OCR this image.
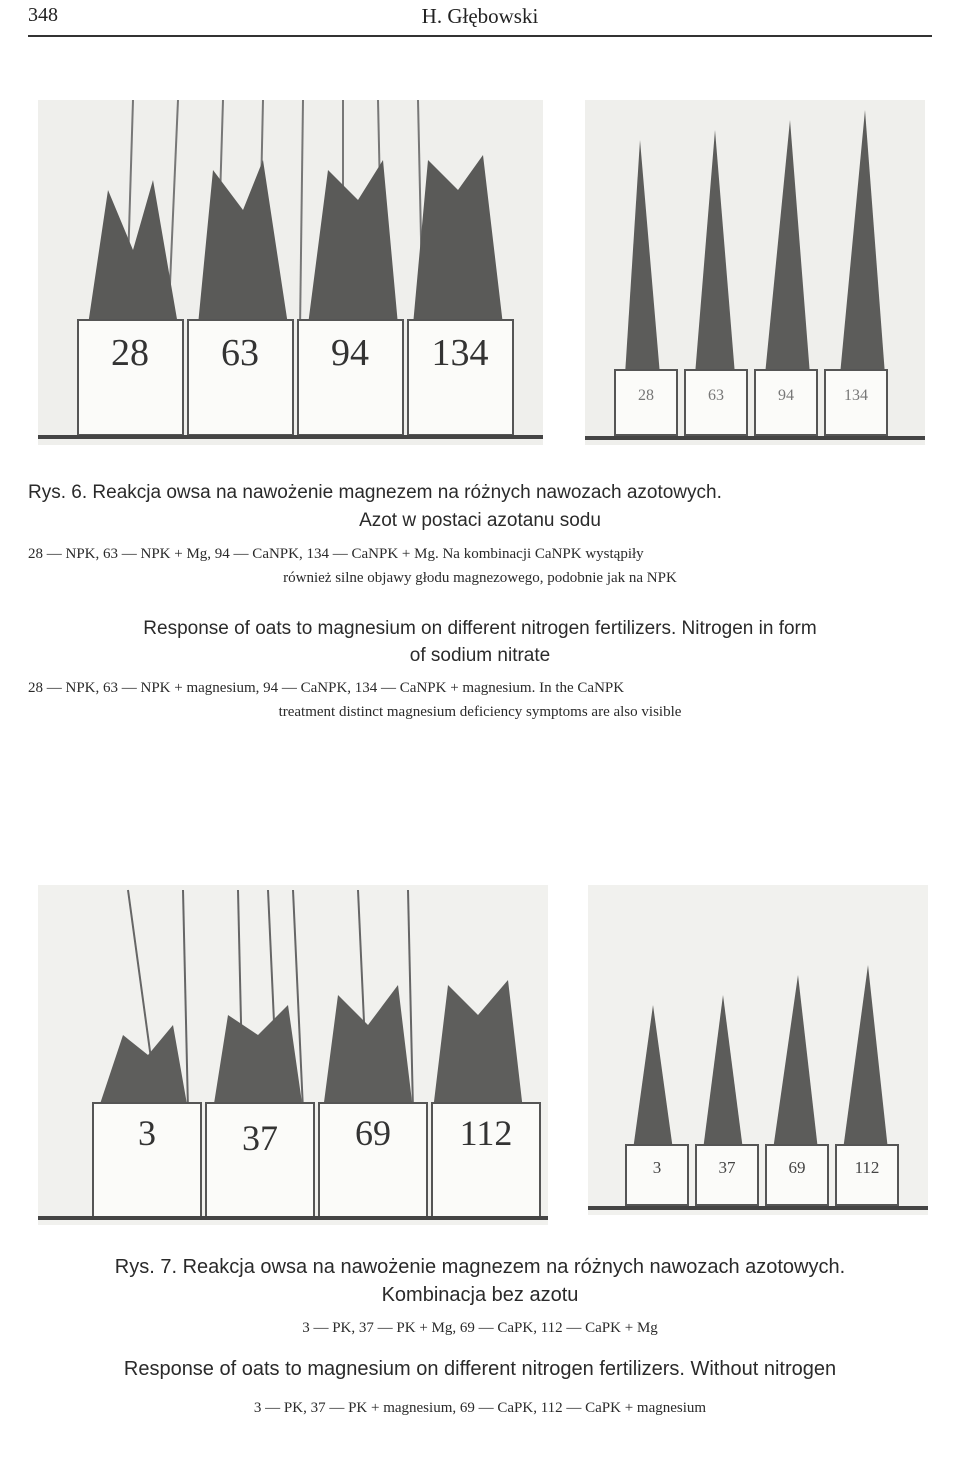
348	H. Głębowski
28 63 94 134
28	63	94	134
Rys. 6. Reakcja owsa na nawożenie magnezem na różnych nawozach azotowych.
Azot w postaci azotanu sodu
28 — NPK, 63 — NPK + Mg, 94 — CaNPK, 134 — CaNPK + Mg. Na kombinacji CaNPK wystąpiły
również silne objawy głodu magnezowego, podobnie jak na NPK
Response of oats to magnesium on different nitrogen fertilizers. Nitrogen in form
of sodium nitrate
28 — NPK, 63 — NPK + magnesium, 94 — CaNPK, 134 — CaNPK + magnesium. In the CaNPK
treatment distinct magnesium deficiency symptoms are also visible
3 37 69 112
3	37	69	112
Rys. 7. Reakcja owsa na nawożenie magnezem na różnych nawozach azotowych.
Kombinacja bez azotu
3 — PK, 37 — PK + Mg, 69 — CaPK, 112 — CaPK + Mg
Response of oats to magnesium on different nitrogen fertilizers. Without nitrogen
3 — PK, 37 — PK + magnesium, 69 — CaPK, 112 — CaPK + magnesium
